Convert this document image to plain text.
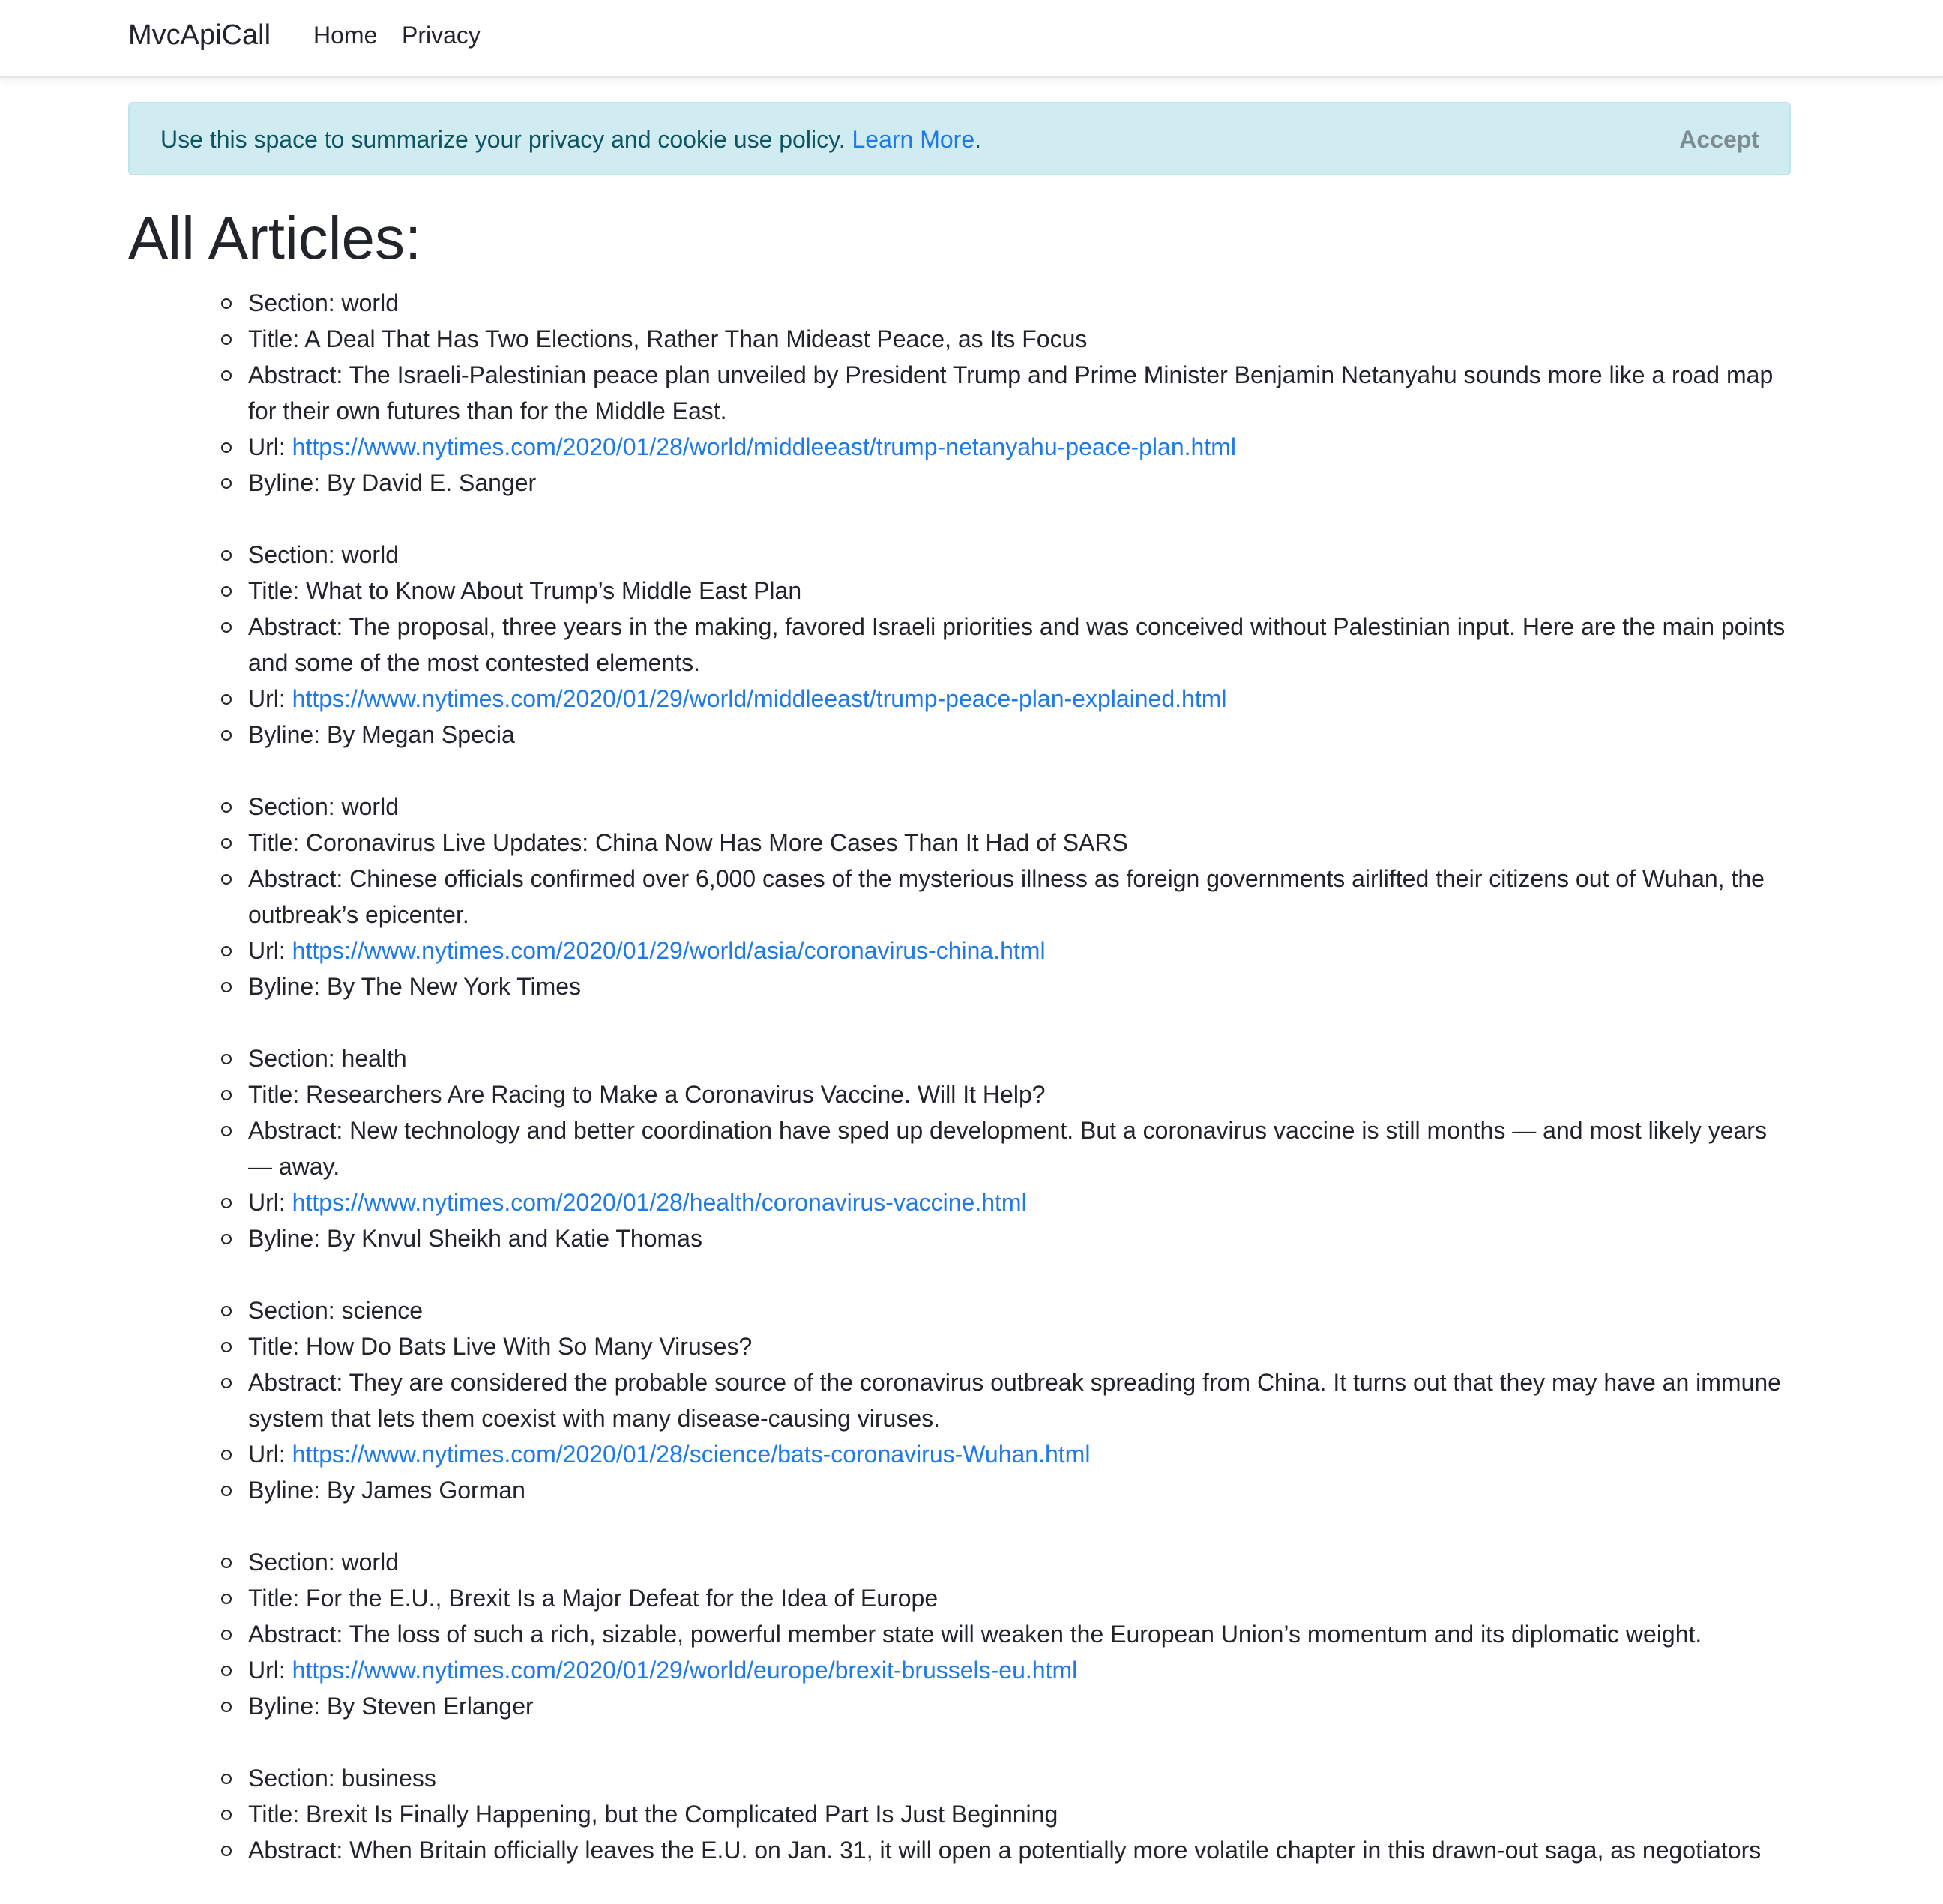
MvcApiCall Home Privacy
Use this space to summarize your privacy and cookie use policy. Learn More.	Accept
All Articles:
Section: world
Title: A Deal That Has Two Elections, Rather Than Mideast Peace, as Its Focus
Abstract: The Israeli-Palestinian peace plan unveiled by President Trump and Prime Minister Benjamin Netanyahu sounds more like a road map for their own futures than for the Middle East.
Url: https://www.nytimes.com/2020/01/28/world/middleeast/trump-netanyahu-peace-plan.html
Byline: By David E. Sanger
Section: world
Title: What to Know About Trump’s Middle East Plan
Abstract: The proposal, three years in the making, favored Israeli priorities and was conceived without Palestinian input. Here are the main points and some of the most contested elements.
Url: https://www.nytimes.com/2020/01/29/world/middleeast/trump-peace-plan-explained.html
Byline: By Megan Specia
Section: world
Title: Coronavirus Live Updates: China Now Has More Cases Than It Had of SARS
Abstract: Chinese officials confirmed over 6,000 cases of the mysterious illness as foreign governments airlifted their citizens out of Wuhan, the outbreak’s epicenter.
Url: https://www.nytimes.com/2020/01/29/world/asia/coronavirus-china.html
Byline: By The New York Times
Section: health
Title: Researchers Are Racing to Make a Coronavirus Vaccine. Will It Help?
Abstract: New technology and better coordination have sped up development. But a coronavirus vaccine is still months — and most likely years — away.
Url: https://www.nytimes.com/2020/01/28/health/coronavirus-vaccine.html
Byline: By Knvul Sheikh and Katie Thomas
Section: science
Title: How Do Bats Live With So Many Viruses?
Abstract: They are considered the probable source of the coronavirus outbreak spreading from China. It turns out that they may have an immune system that lets them coexist with many disease-causing viruses.
Url: https://www.nytimes.com/2020/01/28/science/bats-coronavirus-Wuhan.html
Byline: By James Gorman
Section: world
Title: For the E.U., Brexit Is a Major Defeat for the Idea of Europe
Abstract: The loss of such a rich, sizable, powerful member state will weaken the European Union’s momentum and its diplomatic weight.
Url: https://www.nytimes.com/2020/01/29/world/europe/brexit-brussels-eu.html
Byline: By Steven Erlanger
Section: business
Title: Brexit Is Finally Happening, but the Complicated Part Is Just Beginning
Abstract: When Britain officially leaves the E.U. on Jan. 31, it will open a potentially more volatile chapter in this drawn-out saga, as negotiators
